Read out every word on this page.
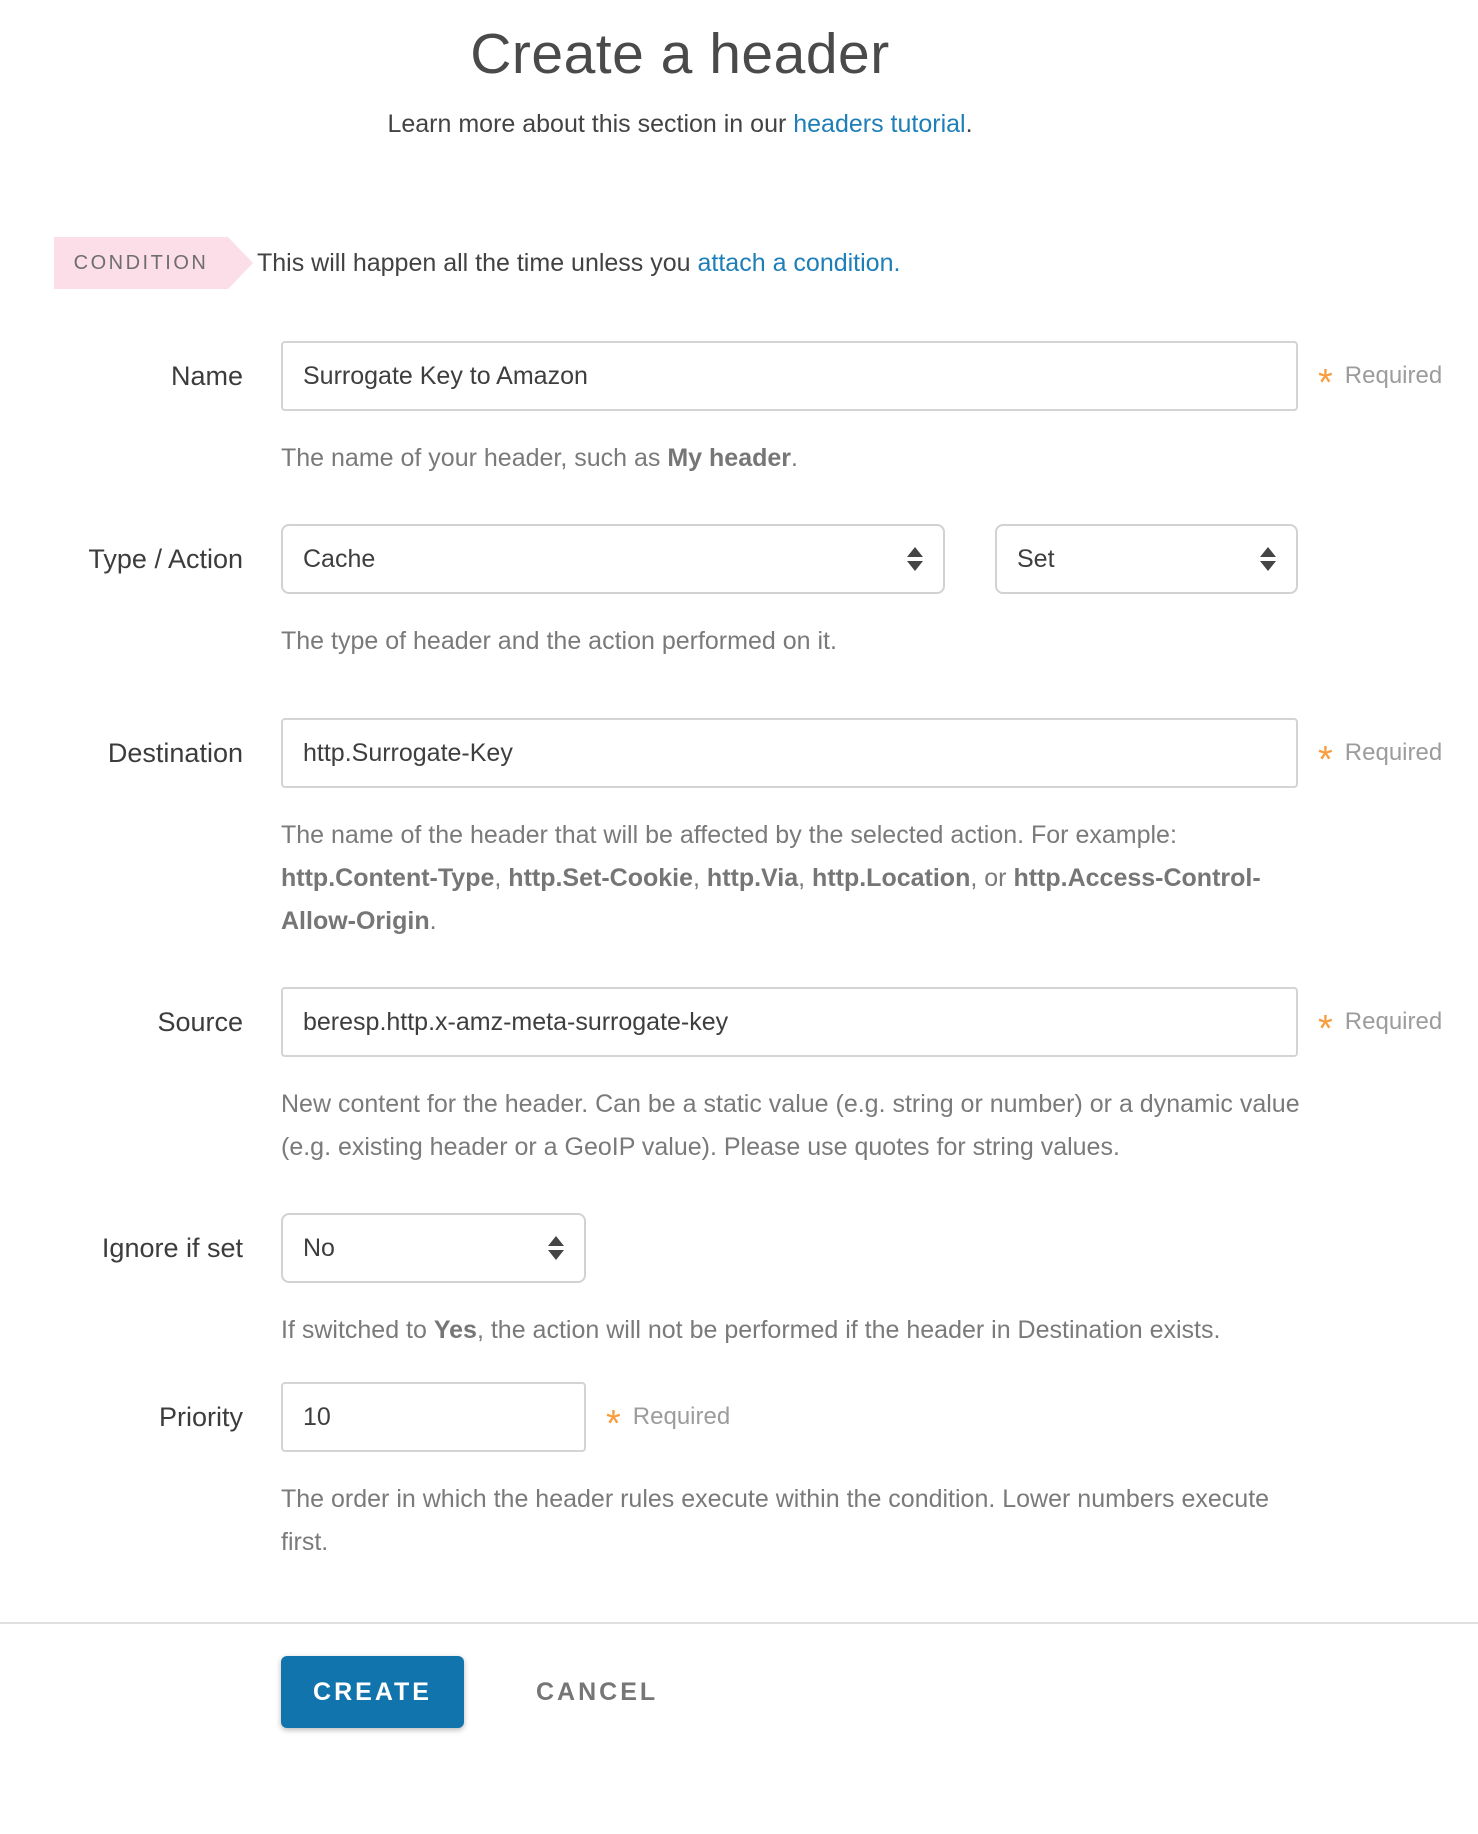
Create a header

Learn more about this section in our headers tutorial.

CONDITION	This will happen all the time unless you attach a condition.

Name
Surrogate Key to Amazon	* Required

The name of your header, such as My header.

Type / Action	Cache	Set

The type of header and the action performed on it.

Destination
http.Surrogate-Key	* Required

The name of the header that will be affected by the selected action. For example: http.Content-Type, http.Set-Cookie, http.Via, http.Location, or http.Access-Control-Allow-Origin.

Source
beresp.http.x-amz-meta-surrogate-key	* Required

New content for the header. Can be a static value (e.g. string or number) or a dynamic value (e.g. existing header or a GeoIP value). Please use quotes for string values.

Ignore if set	No

If switched to Yes, the action will not be performed if the header in Destination exists.

Priority
10	* Required

The order in which the header rules execute within the condition. Lower numbers execute first.

CREATE	CANCEL
